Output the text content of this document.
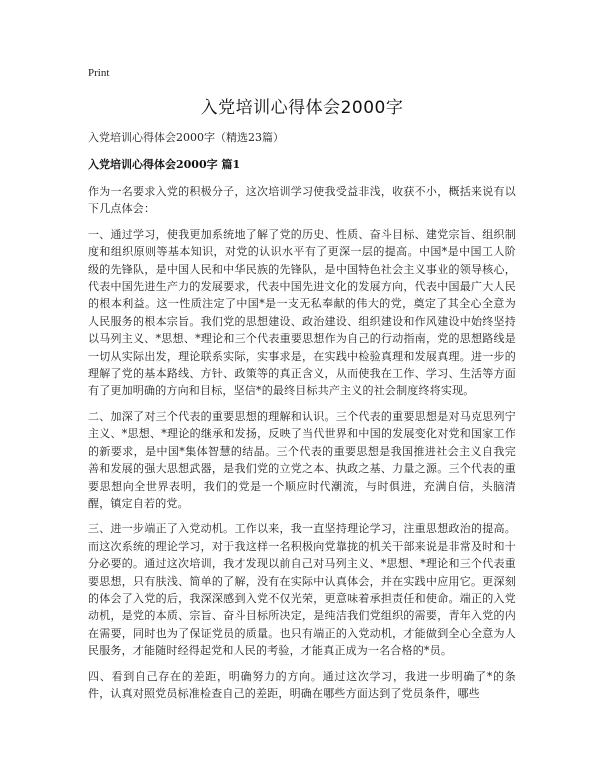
Print

入党培训心得体会2000字

入党培训心得体会2000字（精选23篇）

入党培训心得体会2000字 篇1

作为一名要求入党的积极分子，这次培训学习使我受益非浅，收获不小，概括来说有以下几点体会：

一、通过学习，使我更加系统地了解了党的历史、性质、奋斗目标、建党宗旨、组织制度和组织原则等基本知识，对党的认识水平有了更深一层的提高。中国*是中国工人阶级的先锋队，是中国人民和中华民族的先锋队，是中国特色社会主义事业的领导核心，代表中国先进生产力的发展要求，代表中国先进文化的发展方向，代表中国最广大人民的根本利益。这一性质注定了中国*是一支无私奉献的伟大的党，奠定了其全心全意为人民服务的根本宗旨。我们党的思想建设、政治建设、组织建设和作风建设中始终坚持以马列主义、*思想、*理论和三个代表重要思想作为自己的行动指南，党的思想路线是一切从实际出发，理论联系实际，实事求是，在实践中检验真理和发展真理。进一步的理解了党的基本路线、方针、政策等的真正含义，从而使我在工作、学习、生活等方面有了更加明确的方向和目标，坚信*的最终目标共产主义的社会制度终将实现。

二、加深了对三个代表的重要思想的理解和认识。三个代表的重要思想是对马克思列宁主义、*思想、*理论的继承和发扬，反映了当代世界和中国的发展变化对党和国家工作的新要求，是中国*集体智慧的结晶。三个代表的重要思想是我国推进社会主义自我完善和发展的强大思想武器，是我们党的立党之本、执政之基、力量之源。三个代表的重要思想向全世界表明，我们的党是一个顺应时代潮流，与时俱进，充满自信，头脑清醒，镇定自若的党。

三、进一步端正了入党动机。工作以来，我一直坚持理论学习，注重思想政治的提高。而这次系统的理论学习，对于我这样一名积极向党靠拢的机关干部来说是非常及时和十分必要的。通过这次培训，我才发现以前自己对马列主义、*思想、*理论和三个代表重要思想，只有肤浅、简单的了解，没有在实际中认真体会，并在实践中应用它。更深刻的体会了入党的后，我深深感到入党不仅光荣，更意味着承担责任和使命。端正的入党动机，是党的本质、宗旨、奋斗目标所决定，是纯洁我们党组织的需要，青年入党的内在需要，同时也为了保证党员的质量。也只有端正的入党动机，才能做到全心全意为人民服务，才能随时经得起党和人民的考验，才能真正成为一名合格的*员。

四、看到自己存在的差距，明确努力的方向。通过这次学习，我进一步明确了*的条件，认真对照党员标准检查自己的差距，明确在哪些方面达到了党员条件，哪些
